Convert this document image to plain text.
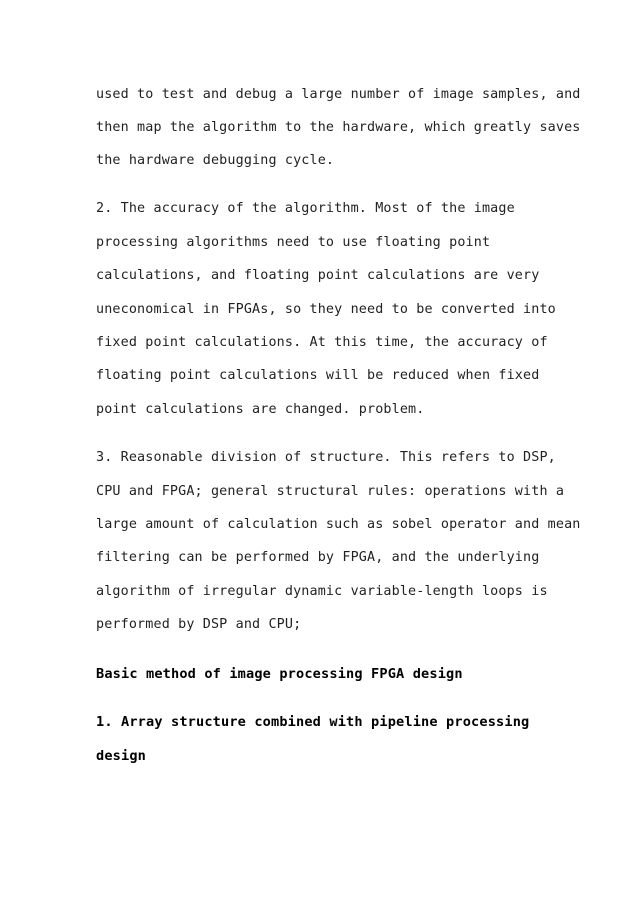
used to test and debug a large number of image samples, and

then map the algorithm to the hardware, which greatly saves

the hardware debugging cycle.

2. The accuracy of the algorithm. Most of the image

processing algorithms need to use floating point

calculations, and floating point calculations are very

uneconomical in FPGAs, so they need to be converted into

fixed point calculations. At this time, the accuracy of

floating point calculations will be reduced when fixed

point calculations are changed. problem.

3. Reasonable division of structure. This refers to DSP,

CPU and FPGA; general structural rules: operations with a

large amount of calculation such as sobel operator and mean

filtering can be performed by FPGA, and the underlying

algorithm of irregular dynamic variable-length loops is

performed by DSP and CPU;

Basic method of image processing FPGA design

1. Array structure combined with pipeline processing

design
